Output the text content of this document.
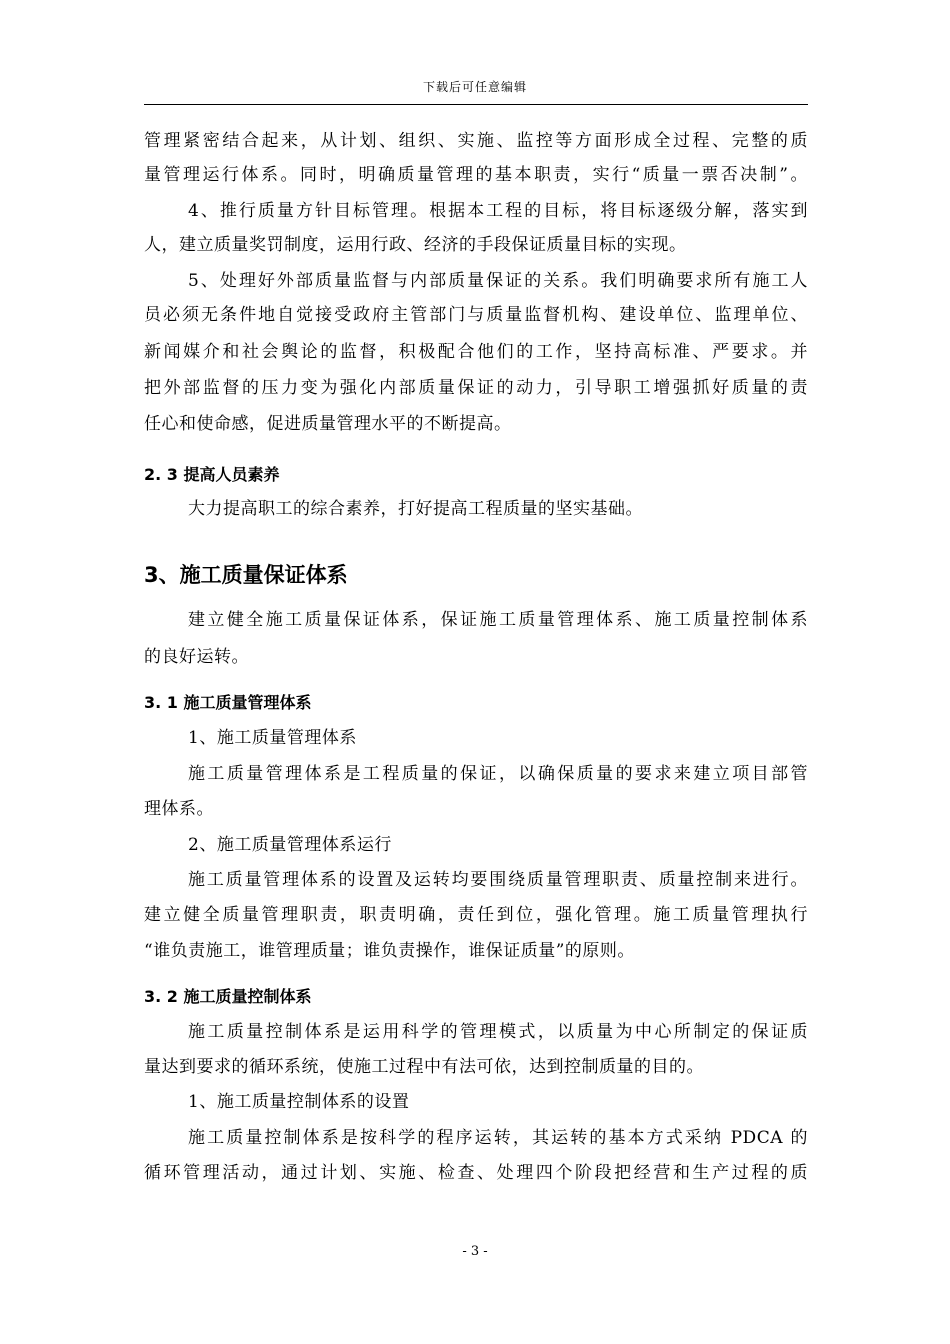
下载后可任意编辑
管理紧密结合起来，从计划、组织、实施、监控等方面形成全过程、完整的质
量管理运行体系。同时，明确质量管理的基本职责，实行“质量一票否决制”。
4、推行质量方针目标管理。根据本工程的目标，将目标逐级分解，落实到
人，建立质量奖罚制度，运用行政、经济的手段保证质量目标的实现。
5、处理好外部质量监督与内部质量保证的关系。我们明确要求所有施工人
员必须无条件地自觉接受政府主管部门与质量监督机构、建设单位、监理单位、
新闻媒介和社会舆论的监督，积极配合他们的工作，坚持高标准、严要求。并
把外部监督的压力变为强化内部质量保证的动力，引导职工增强抓好质量的责
任心和使命感，促进质量管理水平的不断提高。
2. 3 提高人员素养
大力提高职工的综合素养，打好提高工程质量的坚实基础。
3、施工质量保证体系
建立健全施工质量保证体系，保证施工质量管理体系、施工质量控制体系
的良好运转。
3. 1 施工质量管理体系
1、施工质量管理体系
施工质量管理体系是工程质量的保证，以确保质量的要求来建立项目部管
理体系。
2、施工质量管理体系运行
施工质量管理体系的设置及运转均要围绕质量管理职责、质量控制来进行。
建立健全质量管理职责，职责明确，责任到位，强化管理。施工质量管理执行
“谁负责施工，谁管理质量；谁负责操作，谁保证质量”的原则。
3. 2 施工质量控制体系
施工质量控制体系是运用科学的管理模式，以质量为中心所制定的保证质
量达到要求的循环系统，使施工过程中有法可依，达到控制质量的目的。
1、施工质量控制体系的设置
施工质量控制体系是按科学的程序运转，其运转的基本方式采纳 PDCA 的
循环管理活动，通过计划、实施、检查、处理四个阶段把经营和生产过程的质
- 3 -
